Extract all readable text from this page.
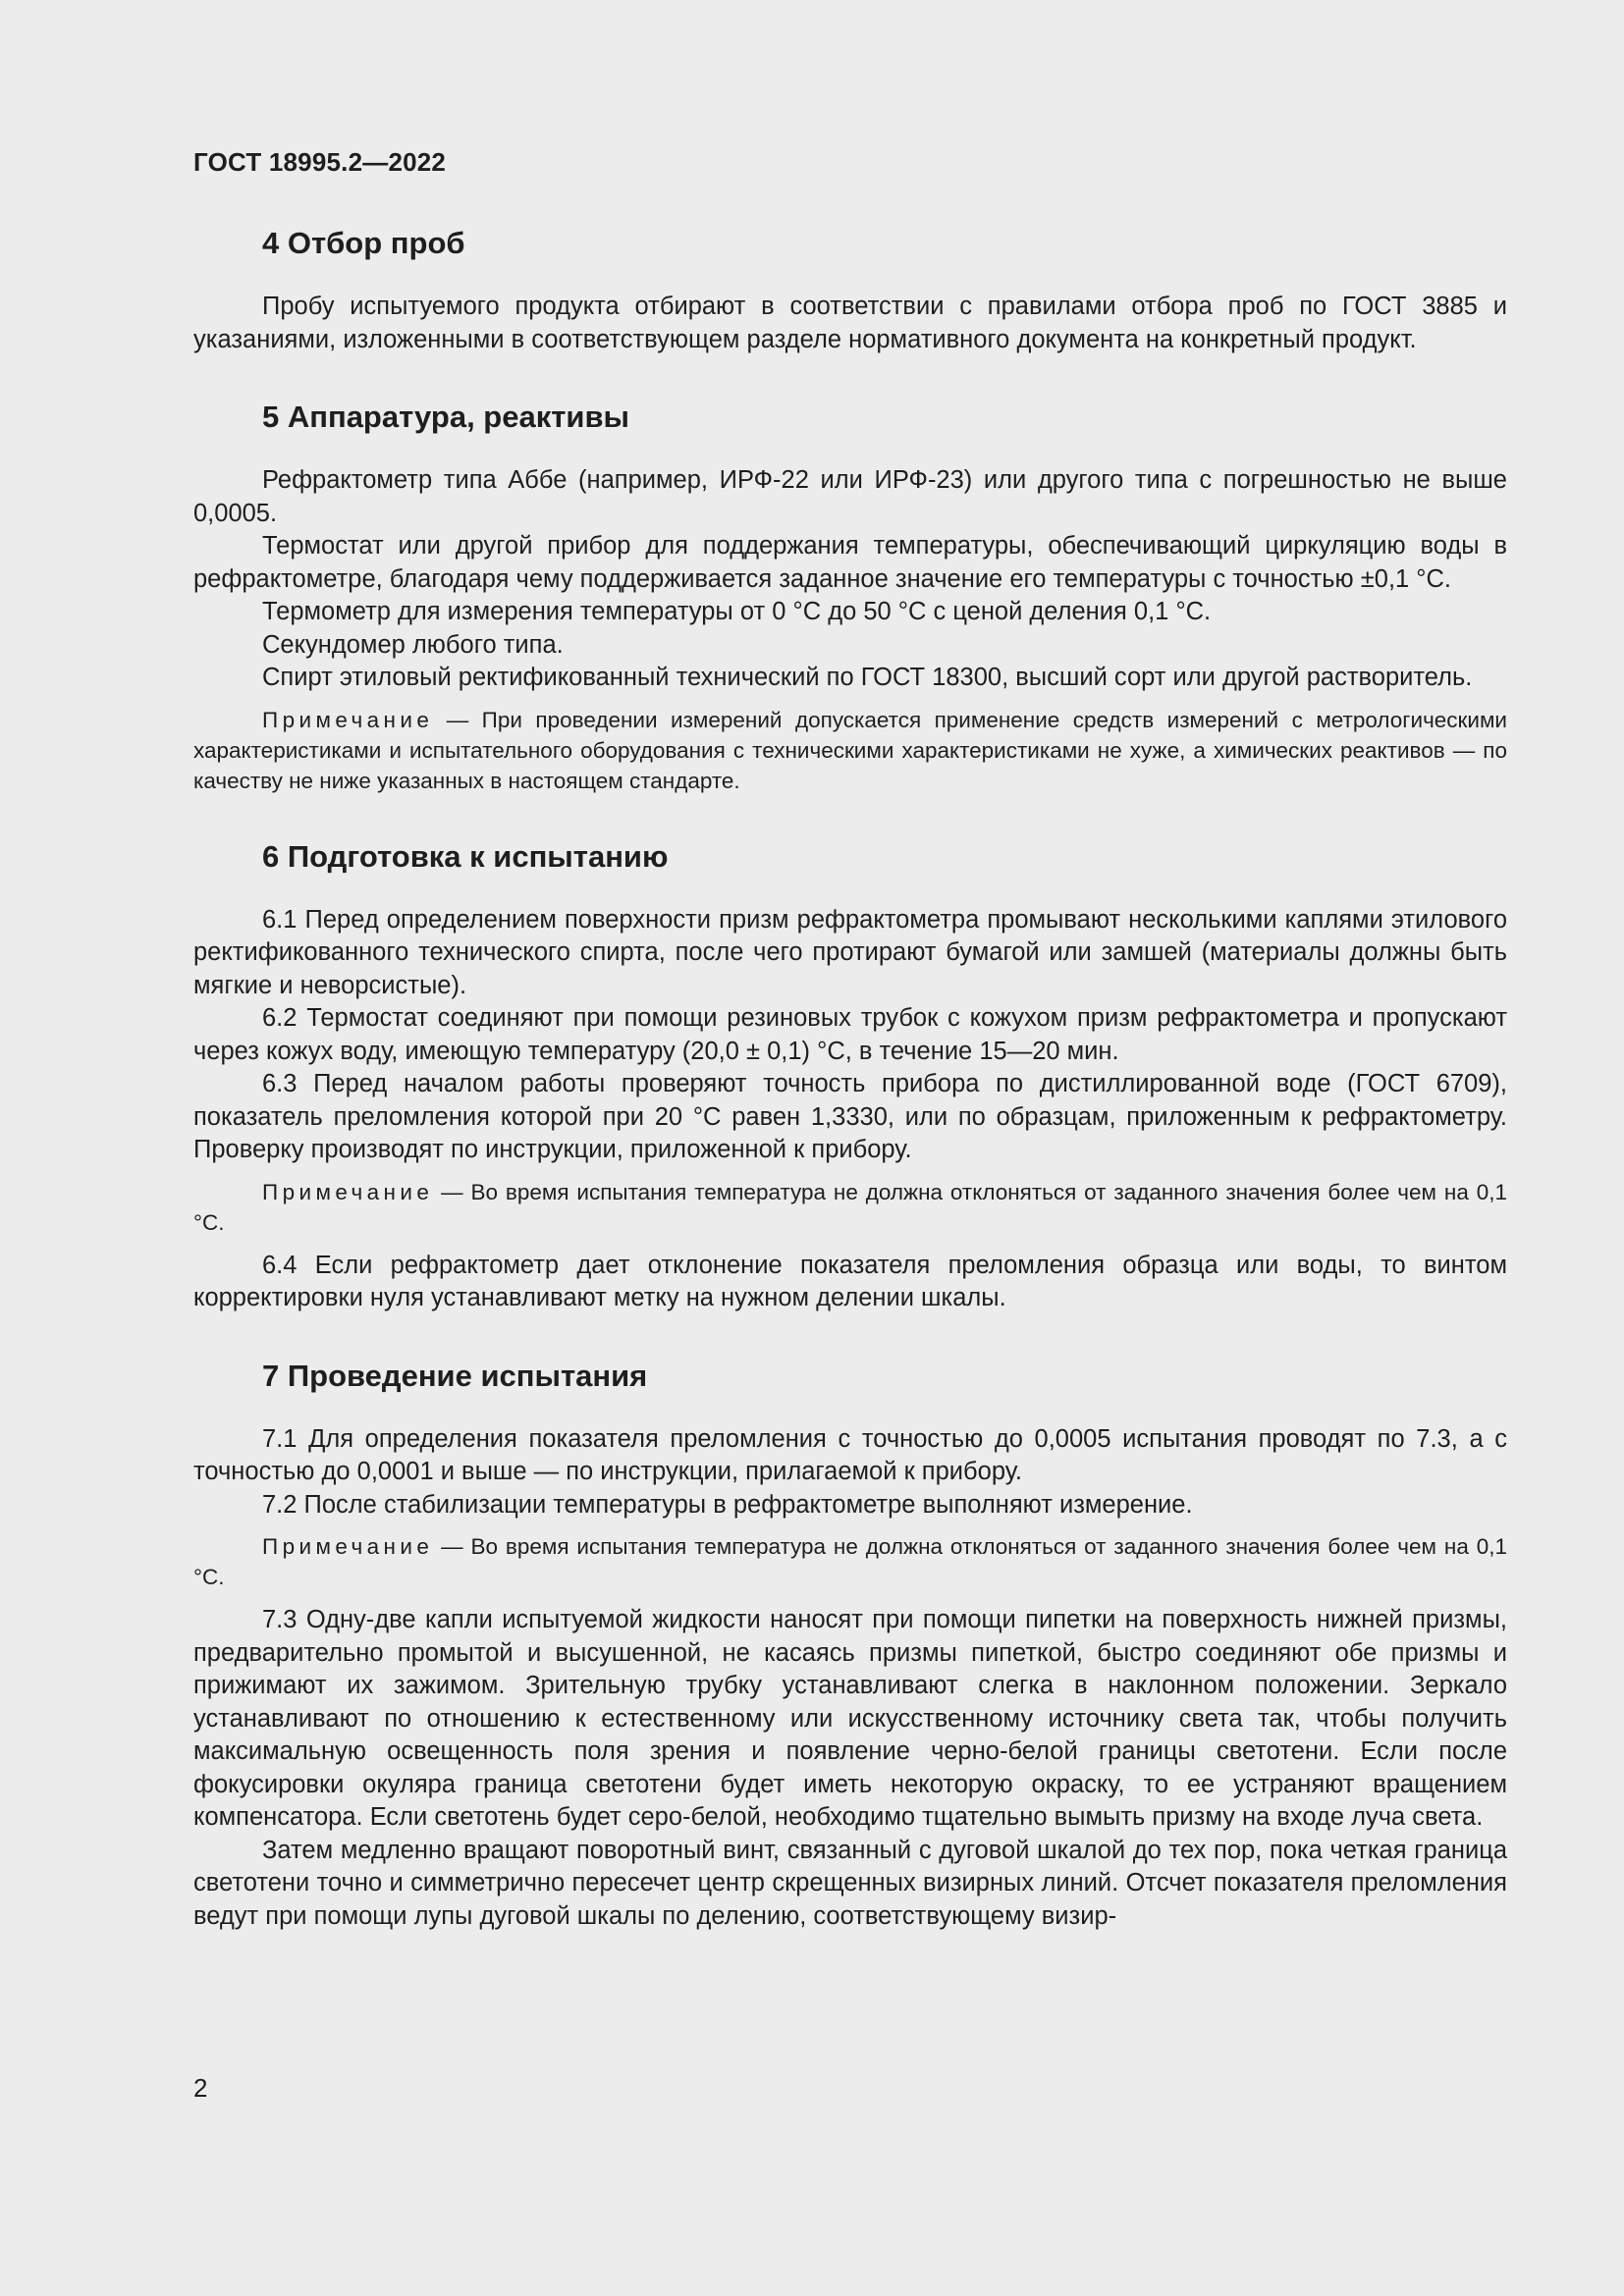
ГОСТ 18995.2—2022
4 Отбор проб

Пробу испытуемого продукта отбирают в соответствии с правилами отбора проб по ГОСТ 3885 и указаниями, изложенными в соответствующем разделе нормативного документа на конкретный продукт.

5 Аппаратура, реактивы

Рефрактометр типа Аббе (например, ИРФ-22 или ИРФ-23) или другого типа с погрешностью не выше 0,0005.

Термостат или другой прибор для поддержания температуры, обеспечивающий циркуляцию воды в рефрактометре, благодаря чему поддерживается заданное значение его температуры с точностью ±0,1 °С.

Термометр для измерения температуры от 0 °С до 50 °С с ценой деления 0,1 °С.

Секундомер любого типа.

Спирт этиловый ректификованный технический по ГОСТ 18300, высший сорт или другой растворитель.

Примечание — При проведении измерений допускается применение средств измерений с метрологическими характеристиками и испытательного оборудования с техническими характеристиками не хуже, а химических реактивов — по качеству не ниже указанных в настоящем стандарте.

6 Подготовка к испытанию

6.1 Перед определением поверхности призм рефрактометра промывают несколькими каплями этилового ректификованного технического спирта, после чего протирают бумагой или замшей (материалы должны быть мягкие и неворсистые).

6.2 Термостат соединяют при помощи резиновых трубок с кожухом призм рефрактометра и пропускают через кожух воду, имеющую температуру (20,0 ± 0,1) °С, в течение 15—20 мин.

6.3 Перед началом работы проверяют точность прибора по дистиллированной воде (ГОСТ 6709), показатель преломления которой при 20 °С равен 1,3330, или по образцам, приложенным к рефрактометру. Проверку производят по инструкции, приложенной к прибору.

Примечание — Во время испытания температура не должна отклоняться от заданного значения более чем на 0,1 °С.

6.4 Если рефрактометр дает отклонение показателя преломления образца или воды, то винтом корректировки нуля устанавливают метку на нужном делении шкалы.

7 Проведение испытания

7.1 Для определения показателя преломления с точностью до 0,0005 испытания проводят по 7.3, а с точностью до 0,0001 и выше — по инструкции, прилагаемой к прибору.

7.2 После стабилизации температуры в рефрактометре выполняют измерение.

Примечание — Во время испытания температура не должна отклоняться от заданного значения более чем на 0,1 °С.

7.3 Одну-две капли испытуемой жидкости наносят при помощи пипетки на поверхность нижней призмы, предварительно промытой и высушенной, не касаясь призмы пипеткой, быстро соединяют обе призмы и прижимают их зажимом. Зрительную трубку устанавливают слегка в наклонном положении. Зеркало устанавливают по отношению к естественному или искусственному источнику света так, чтобы получить максимальную освещенность поля зрения и появление черно-белой границы светотени. Если после фокусировки окуляра граница светотени будет иметь некоторую окраску, то ее устраняют вращением компенсатора. Если светотень будет серо-белой, необходимо тщательно вымыть призму на входе луча света.

Затем медленно вращают поворотный винт, связанный с дуговой шкалой до тех пор, пока четкая граница светотени точно и симметрично пересечет центр скрещенных визирных линий. Отсчет показателя преломления ведут при помощи лупы дуговой шкалы по делению, соответствующему визир-

2
